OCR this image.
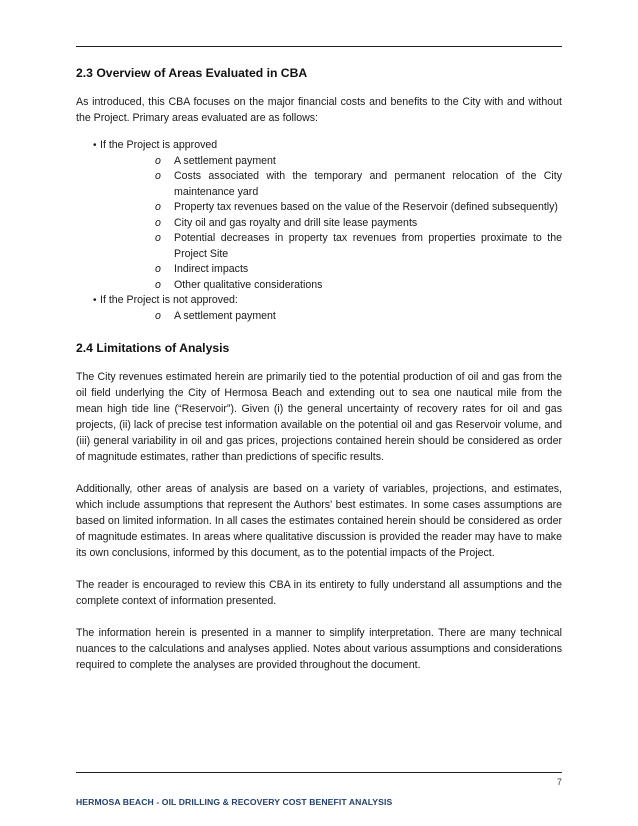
2.3 Overview of Areas Evaluated in CBA

As introduced, this CBA focuses on the major financial costs and benefits to the City with and without the Project. Primary areas evaluated are as follows:

• If the Project is approved
o A settlement payment
o Costs associated with the temporary and permanent relocation of the City maintenance yard
o Property tax revenues based on the value of the Reservoir (defined subsequently)
o City oil and gas royalty and drill site lease payments
o Potential decreases in property tax revenues from properties proximate to the Project Site
o Indirect impacts
o Other qualitative considerations
• If the Project is not approved:
o A settlement payment
2.4 Limitations of Analysis

The City revenues estimated herein are primarily tied to the potential production of oil and gas from the oil field underlying the City of Hermosa Beach and extending out to sea one nautical mile from the mean high tide line (“Reservoir”). Given (i) the general uncertainty of recovery rates for oil and gas projects, (ii) lack of precise test information available on the potential oil and gas Reservoir volume, and (iii) general variability in oil and gas prices, projections contained herein should be considered as order of magnitude estimates, rather than predictions of specific results.

Additionally, other areas of analysis are based on a variety of variables, projections, and estimates, which include assumptions that represent the Authors' best estimates. In some cases assumptions are based on limited information. In all cases the estimates contained herein should be considered as order of magnitude estimates. In areas where qualitative discussion is provided the reader may have to make its own conclusions, informed by this document, as to the potential impacts of the Project.

The reader is encouraged to review this CBA in its entirety to fully understand all assumptions and the complete context of information presented.

The information herein is presented in a manner to simplify interpretation. There are many technical nuances to the calculations and analyses applied. Notes about various assumptions and considerations required to complete the analyses are provided throughout the document.

7
HERMOSA BEACH - OIL DRILLING & RECOVERY COST BENEFIT ANALYSIS
